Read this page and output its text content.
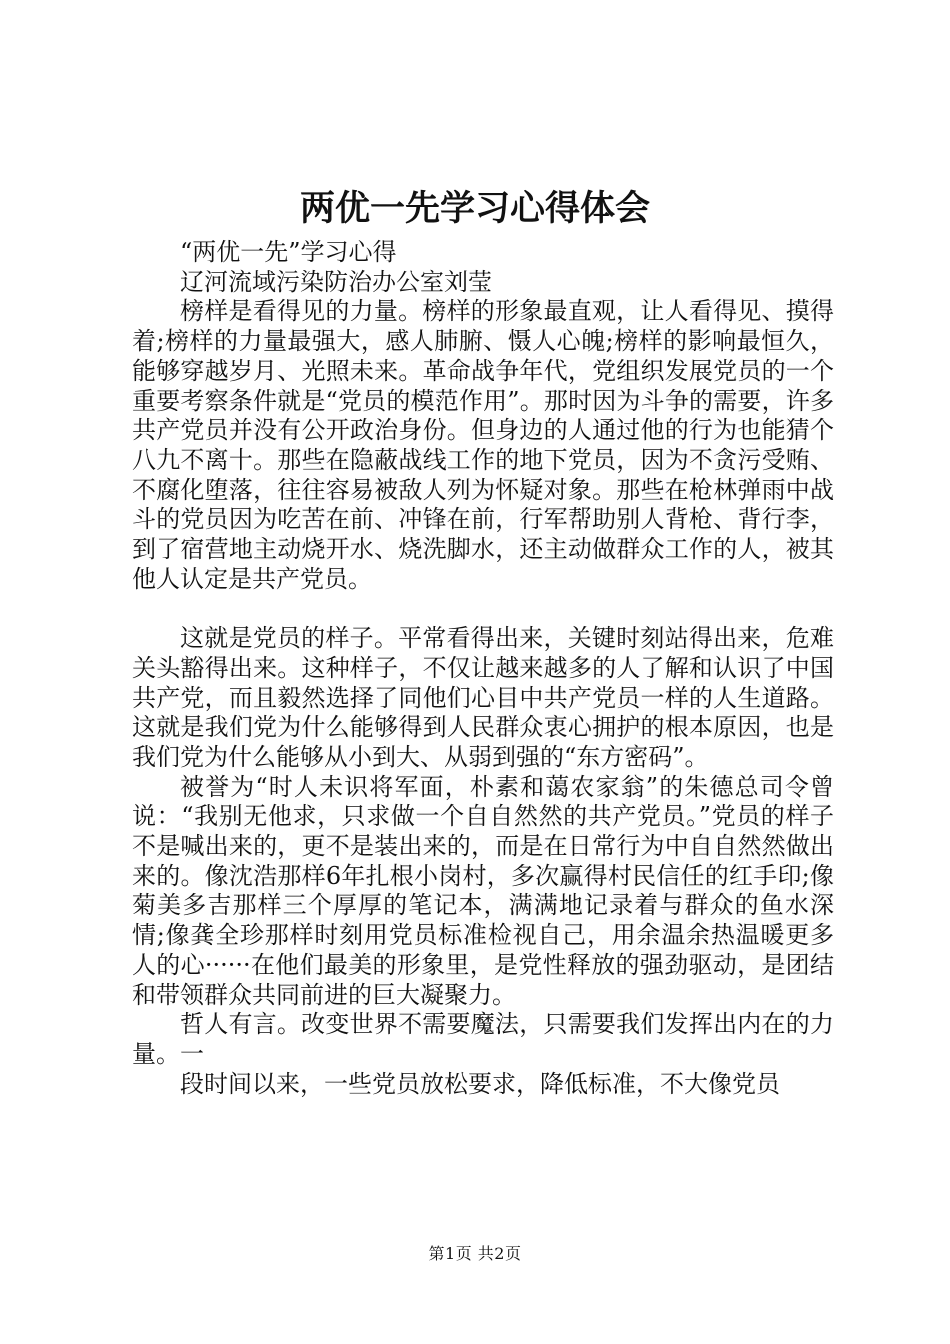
两优一先学习心得体会

“两优一先”学习心得

辽河流域污染防治办公室刘莹

榜样是看得见的力量。榜样的形象最直观，让人看得见、摸得着;榜样的力量最强大，感人肺腑、慑人心魄;榜样的影响最恒久，能够穿越岁月、光照未来。革命战争年代，党组织发展党员的一个重要考察条件就是“党员的模范作用”。那时因为斗争的需要，许多共产党员并没有公开政治身份。但身边的人通过他的行为也能猜个八九不离十。那些在隐蔽战线工作的地下党员，因为不贪污受贿、不腐化堕落，往往容易被敌人列为怀疑对象。那些在枪林弹雨中战斗的党员因为吃苦在前、冲锋在前，行军帮助别人背枪、背行李，到了宿营地主动烧开水、烧洗脚水，还主动做群众工作的人，被其他人认定是共产党员。

这就是党员的样子。平常看得出来，关键时刻站得出来，危难关头豁得出来。这种样子，不仅让越来越多的人了解和认识了中国共产党，而且毅然选择了同他们心目中共产党员一样的人生道路。这就是我们党为什么能够得到人民群众衷心拥护的根本原因，也是我们党为什么能够从小到大、从弱到强的“东方密码”。

被誉为“时人未识将军面，朴素和蔼农家翁”的朱德总司令曾说：“我别无他求，只求做一个自自然然的共产党员。”党员的样子不是喊出来的，更不是装出来的，而是在日常行为中自自然然做出来的。像沈浩那样6年扎根小岗村，多次赢得村民信任的红手印;像菊美多吉那样三个厚厚的笔记本，满满地记录着与群众的鱼水深情;像龚全珍那样时刻用党员标准检视自己，用余温余热温暖更多人的心······在他们最美的形象里，是党性释放的强劲驱动，是团结和带领群众共同前进的巨大凝聚力。

哲人有言。改变世界不需要魔法，只需要我们发挥出内在的力量。一

段时间以来，一些党员放松要求，降低标准，不大像党员

第1页 共2页
